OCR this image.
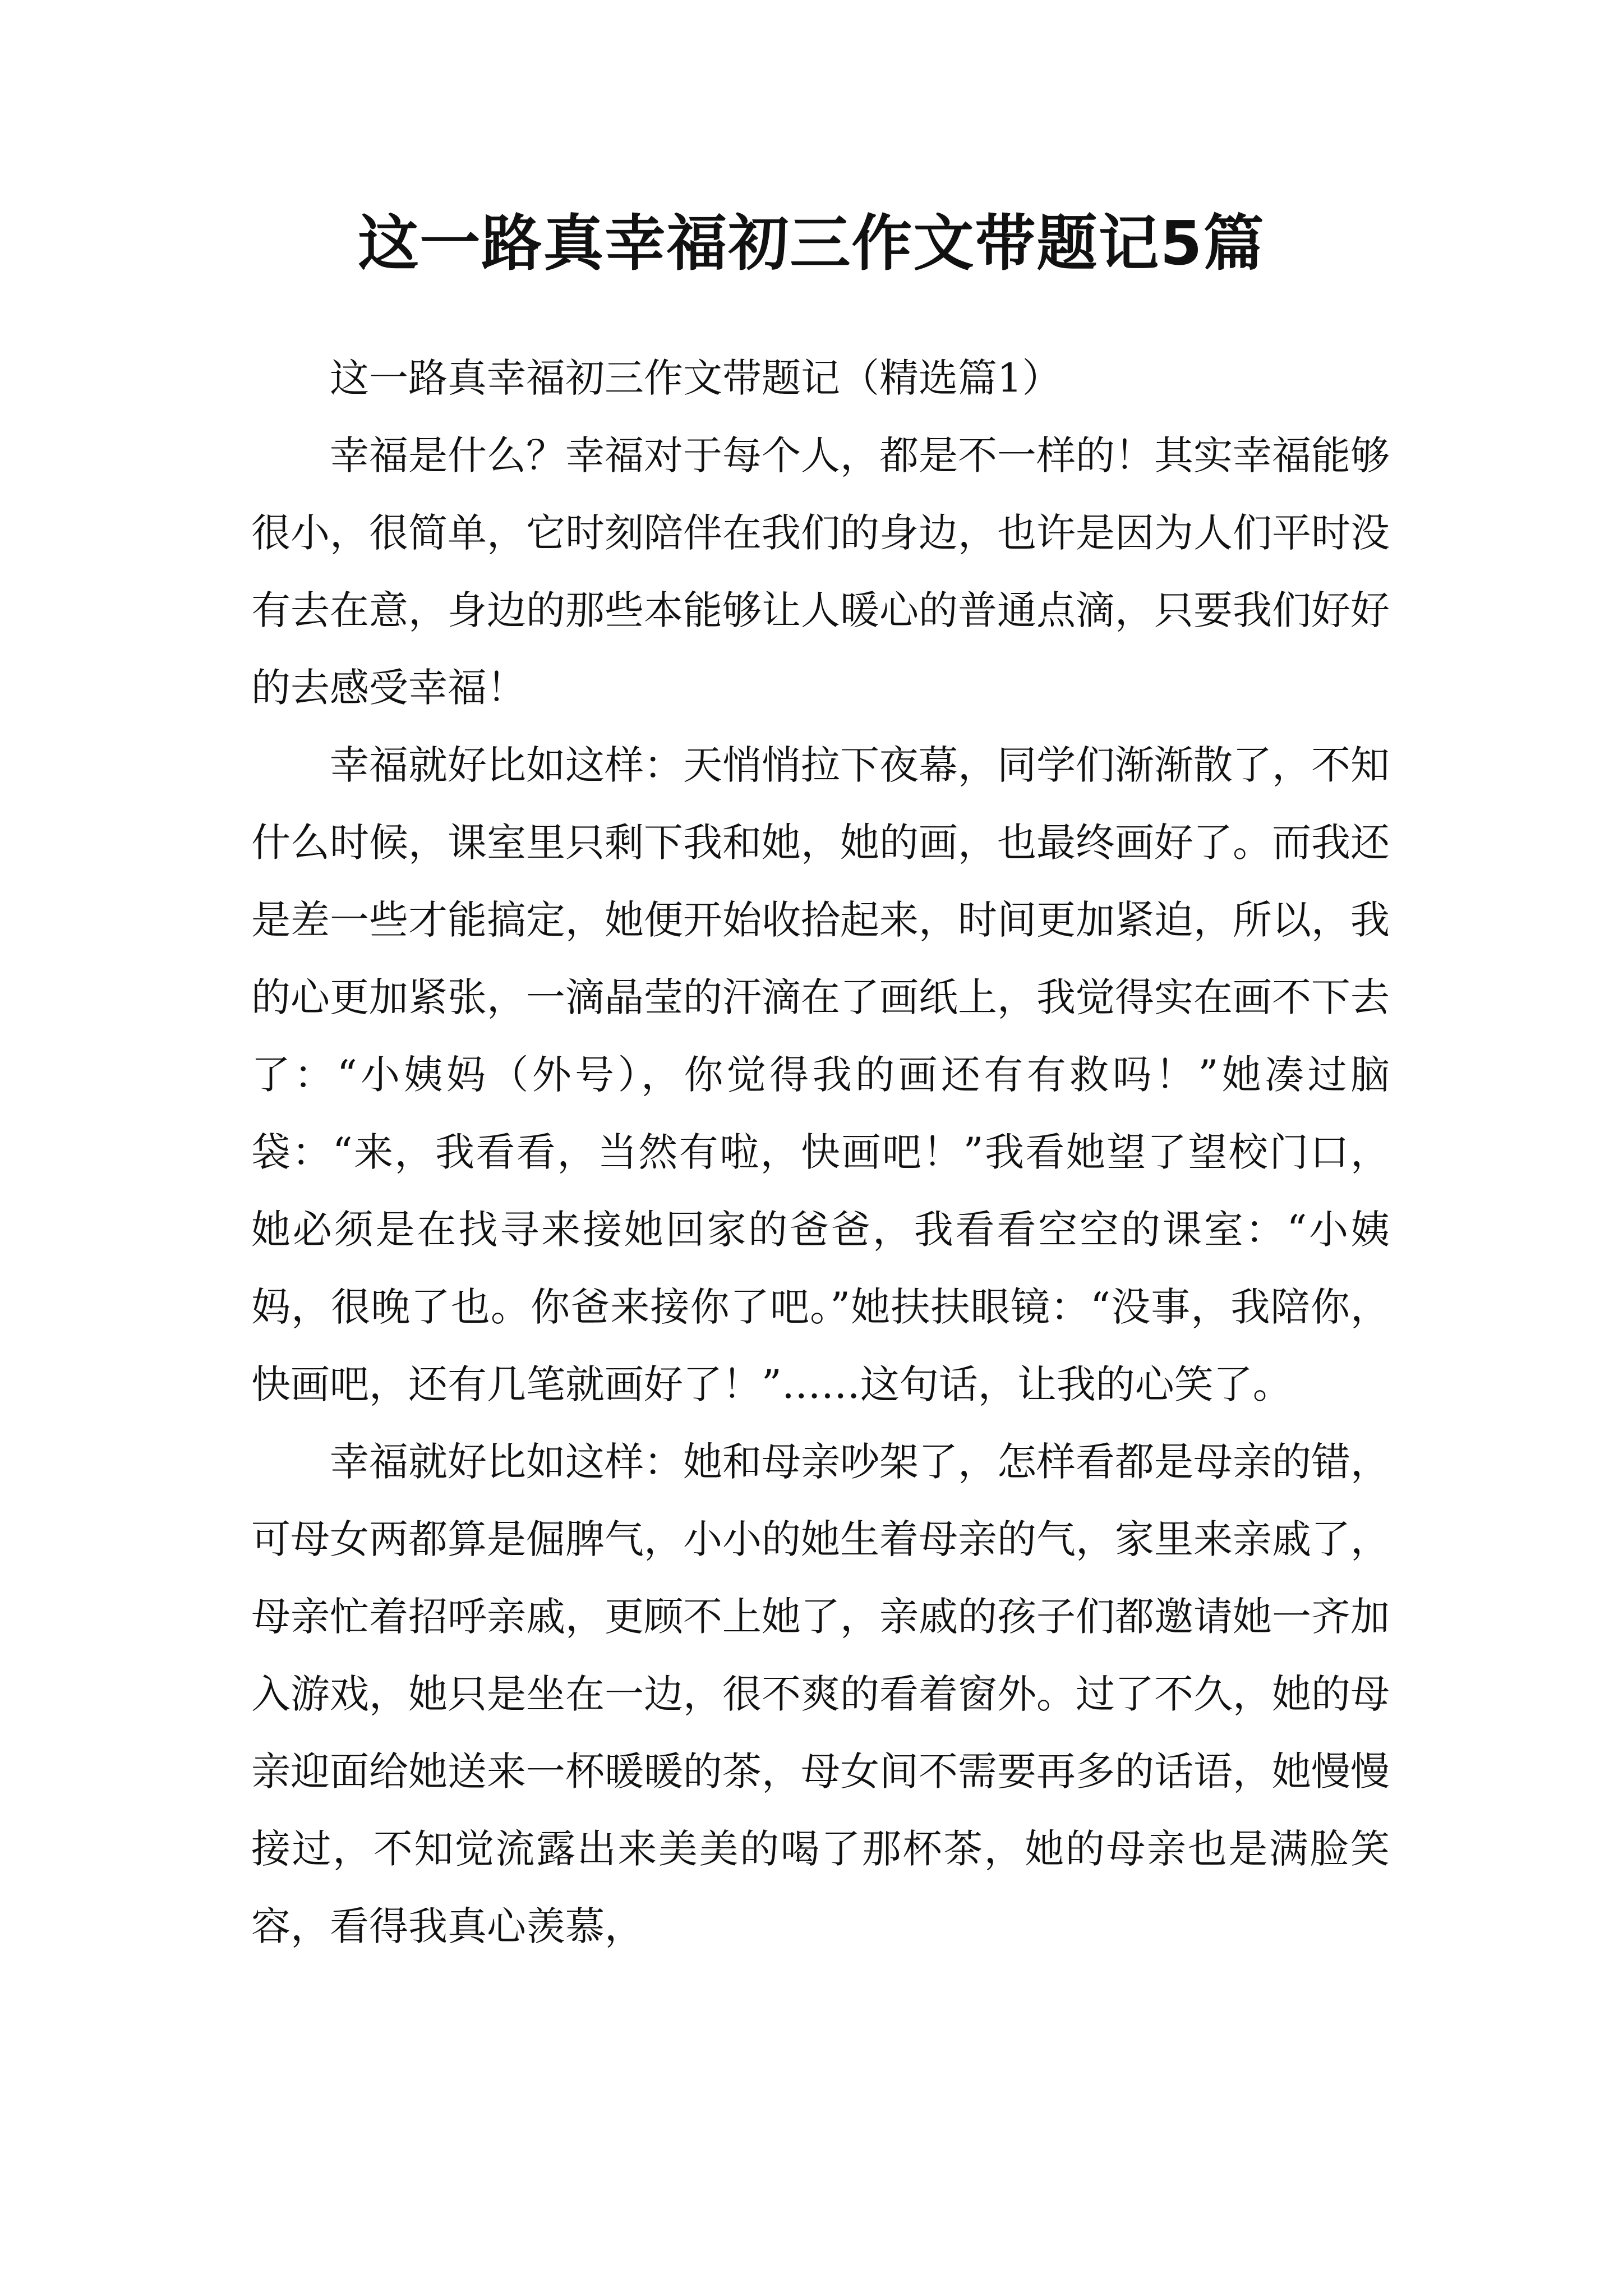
这一路真幸福初三作文带题记5篇

这一路真幸福初三作文带题记（精选篇1）

幸福是什么？幸福对于每个人，都是不一样的！其实幸福能够很小，很简单，它时刻陪伴在我们的身边，也许是因为人们平时没有去在意，身边的那些本能够让人暖心的普通点滴，只要我们好好的去感受幸福！

幸福就好比如这样：天悄悄拉下夜幕，同学们渐渐散了，不知什么时候，课室里只剩下我和她，她的画，也最终画好了。而我还是差一些才能搞定，她便开始收拾起来，时间更加紧迫，所以，我的心更加紧张，一滴晶莹的汗滴在了画纸上，我觉得实在画不下去了：“小姨妈（外号），你觉得我的画还有有救吗！”她凑过脑袋：“来，我看看，当然有啦，快画吧！”我看她望了望校门口，她必须是在找寻来接她回家的爸爸，我看看空空的课室：“小姨妈，很晚了也。你爸来接你了吧。”她扶扶眼镜：“没事，我陪你，快画吧，还有几笔就画好了！”……这句话，让我的心笑了。

幸福就好比如这样：她和母亲吵架了，怎样看都是母亲的错，可母女两都算是倔脾气，小小的她生着母亲的气，家里来亲戚了，母亲忙着招呼亲戚，更顾不上她了，亲戚的孩子们都邀请她一齐加入游戏，她只是坐在一边，很不爽的看着窗外。过了不久，她的母亲迎面给她送来一杯暖暖的茶，母女间不需要再多的话语，她慢慢接过，不知觉流露出来美美的喝了那杯茶，她的母亲也是满脸笑容，看得我真心羡慕，
